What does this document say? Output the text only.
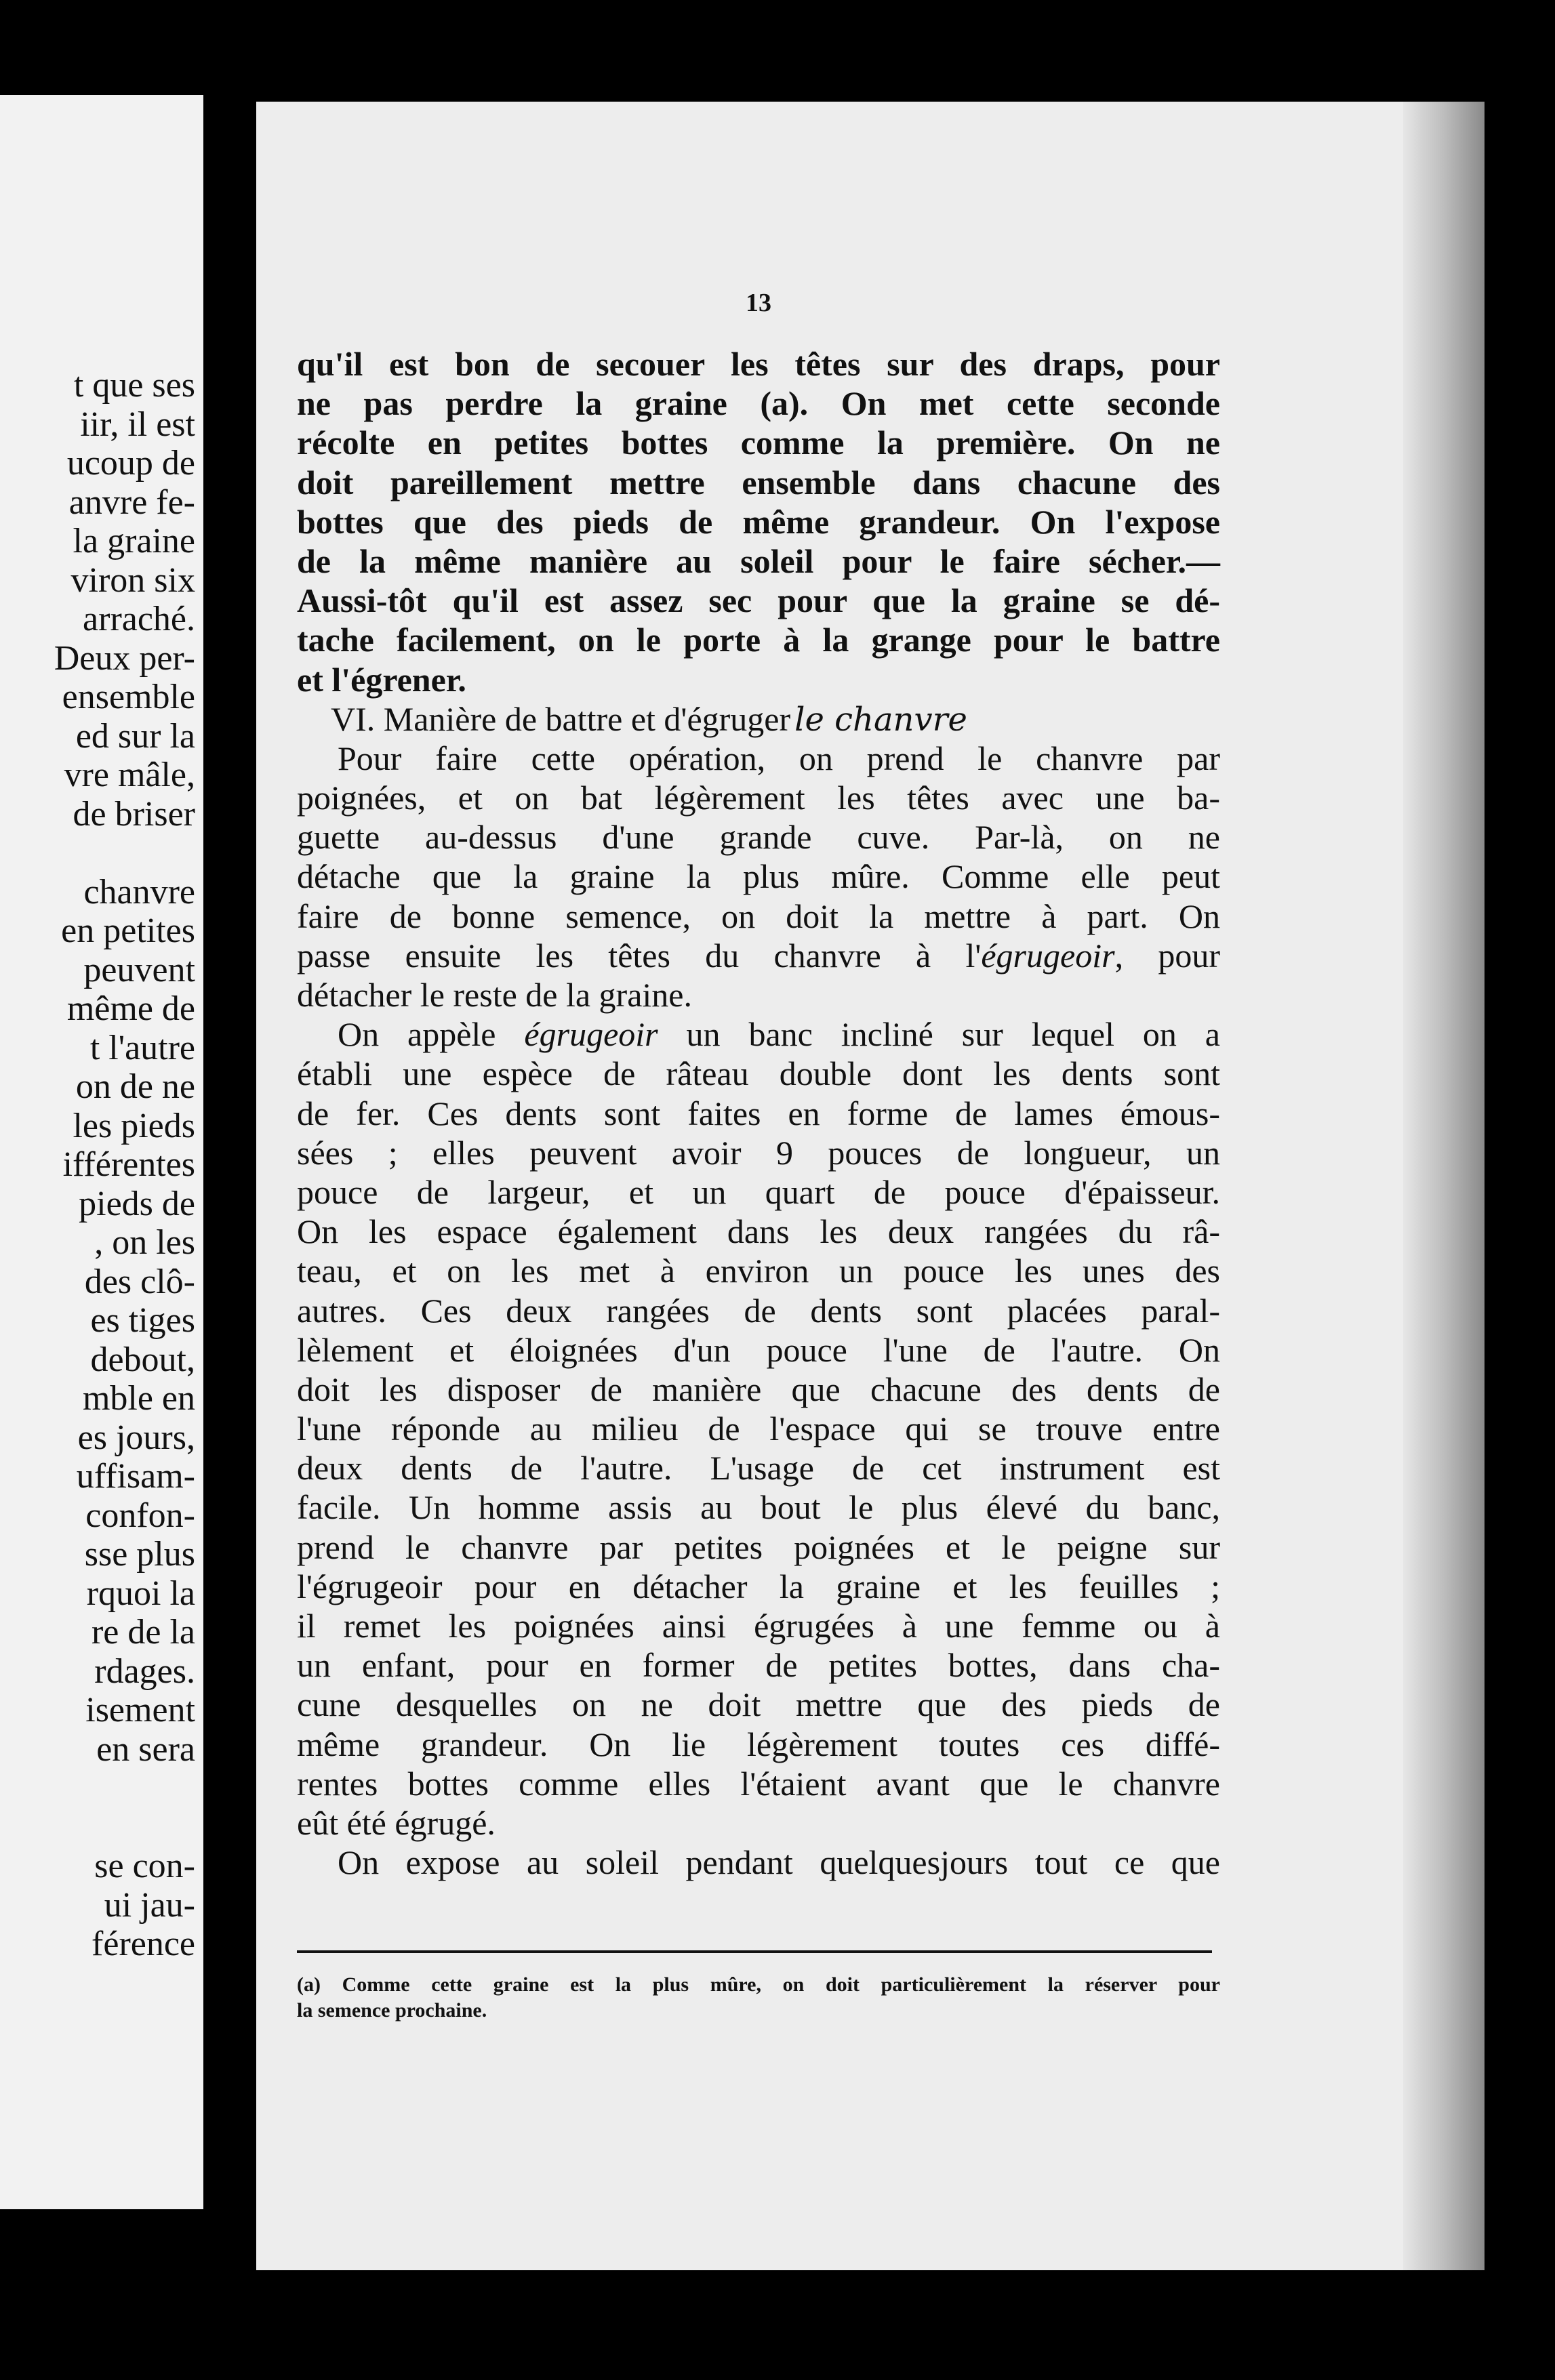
t que ses
iir, il est
ucoup de
anvre fe-
la graine
viron six
arraché.
Deux per-
ensemble
ed sur la
vre mâle,
de briser
chanvre
en petites
peuvent
même de
t l'autre
on de ne
les pieds
ifférentes
pieds de
, on les
des clô-
es tiges
debout,
mble en
es jours,
uffisam-
confon-
sse plus
rquoi la
re de la
rdages.
isement
en sera
se con-
ui jau-
férence
13
qu'il est bon de secouer les têtes sur des draps, pour
ne pas perdre la graine (a). On met cette seconde
récolte en petites bottes comme la première. On ne
doit pareillement mettre ensemble dans chacune des
bottes que des pieds de même grandeur. On l'expose
de la même manière au soleil pour le faire sécher.—
Aussi-tôt qu'il est assez sec pour que la graine se dé-
tache facilement, on le porte à la grange pour le battre
et l'égrener.
VI. Manière de battre et d'égruger le chanvre
Pour faire cette opération, on prend le chanvre par
poignées, et on bat légèrement les têtes avec une ba-
guette au-dessus d'une grande cuve. Par-là, on ne
détache que la graine la plus mûre. Comme elle peut
faire de bonne semence, on doit la mettre à part. On
passe ensuite les têtes du chanvre à l'égrugeoir, pour
détacher le reste de la graine.
On appèle égrugeoir un banc incliné sur lequel on a
établi une espèce de râteau double dont les dents sont
de fer. Ces dents sont faites en forme de lames émous-
sées ; elles peuvent avoir 9 pouces de longueur, un
pouce de largeur, et un quart de pouce d'épaisseur.
On les espace également dans les deux rangées du râ-
teau, et on les met à environ un pouce les unes des
autres. Ces deux rangées de dents sont placées paral-
lèlement et éloignées d'un pouce l'une de l'autre. On
doit les disposer de manière que chacune des dents de
l'une réponde au milieu de l'espace qui se trouve entre
deux dents de l'autre. L'usage de cet instrument est
facile. Un homme assis au bout le plus élevé du banc,
prend le chanvre par petites poignées et le peigne sur
l'égrugeoir pour en détacher la graine et les feuilles ;
il remet les poignées ainsi égrugées à une femme ou à
un enfant, pour en former de petites bottes, dans cha-
cune desquelles on ne doit mettre que des pieds de
même grandeur. On lie légèrement toutes ces diffé-
rentes bottes comme elles l'étaient avant que le chanvre
eût été égrugé.
On expose au soleil pendant quelquesjours tout ce que
(a) Comme cette graine est la plus mûre, on doit particulièrement la réserver pour
la semence prochaine.
